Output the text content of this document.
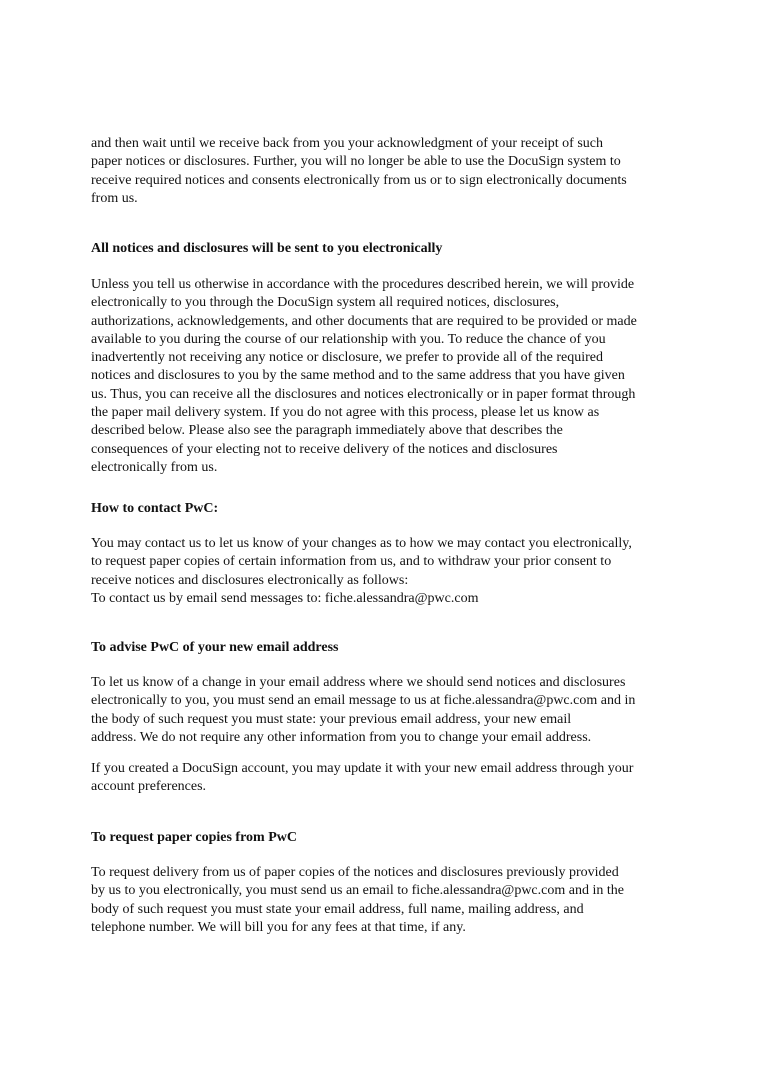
and then wait until we receive back from you your acknowledgment of your receipt of such
paper notices or disclosures. Further, you will no longer be able to use the DocuSign system to
receive required notices and consents electronically from us or to sign electronically documents
from us.

All notices and disclosures will be sent to you electronically

Unless you tell us otherwise in accordance with the procedures described herein, we will provide
electronically to you through the DocuSign system all required notices, disclosures,
authorizations, acknowledgements, and other documents that are required to be provided or made
available to you during the course of our relationship with you. To reduce the chance of you
inadvertently not receiving any notice or disclosure, we prefer to provide all of the required
notices and disclosures to you by the same method and to the same address that you have given
us. Thus, you can receive all the disclosures and notices electronically or in paper format through
the paper mail delivery system. If you do not agree with this process, please let us know as
described below. Please also see the paragraph immediately above that describes the
consequences of your electing not to receive delivery of the notices and disclosures
electronically from us.

How to contact PwC:

You may contact us to let us know of your changes as to how we may contact you electronically,
to request paper copies of certain information from us, and to withdraw your prior consent to
receive notices and disclosures electronically as follows:
To contact us by email send messages to: fiche.alessandra@pwc.com

To advise PwC of your new email address

To let us know of a change in your email address where we should send notices and disclosures
electronically to you, you must send an email message to us at fiche.alessandra@pwc.com and in
the body of such request you must state: your previous email address, your new email
address. We do not require any other information from you to change your email address.

If you created a DocuSign account, you may update it with your new email address through your
account preferences.

To request paper copies from PwC

To request delivery from us of paper copies of the notices and disclosures previously provided
by us to you electronically, you must send us an email to fiche.alessandra@pwc.com and in the
body of such request you must state your email address, full name, mailing address, and
telephone number. We will bill you for any fees at that time, if any.
